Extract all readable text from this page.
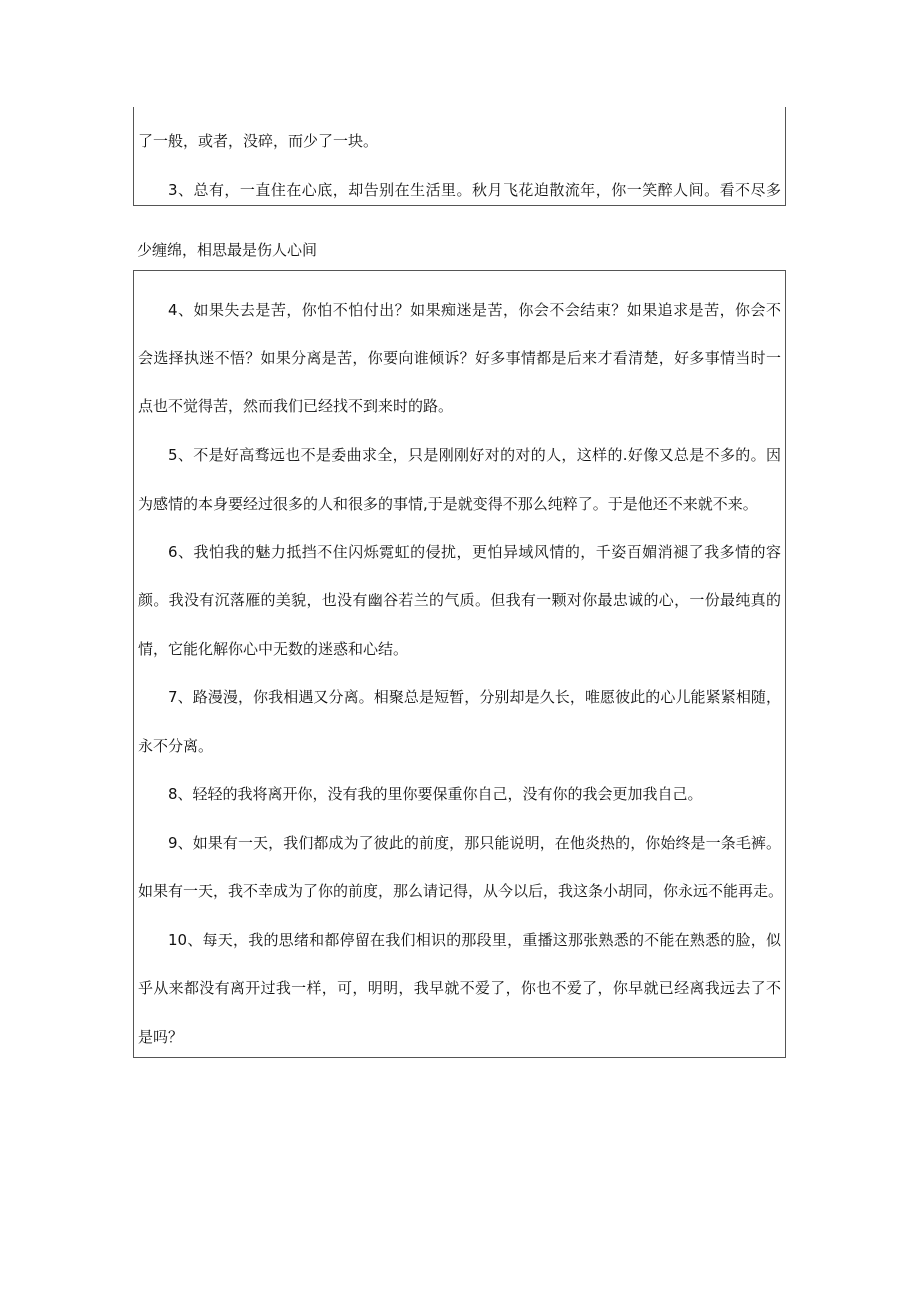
了一般，或者，没碎，而少了一块。
3、总有，一直住在心底，却告别在生活里。秋月飞花迫散流年，你一笑醉人间。看不尽多
少缠绵，相思最是伤人心间
4、如果失去是苦，你怕不怕付出？如果痴迷是苦，你会不会结束？如果追求是苦，你会不
会选择执迷不悟？如果分离是苦，你要向谁倾诉？好多事情都是后来才看清楚，好多事情当时一
点也不觉得苦，然而我们已经找不到来时的路。
5、不是好高骛远也不是委曲求全，只是刚刚好对的对的人，这样的.好像又总是不多的。因
为感情的本身要经过很多的人和很多的事情,于是就变得不那么纯粹了。于是他还不来就不来。
6、我怕我的魅力抵挡不住闪烁霓虹的侵扰，更怕异域风情的，千姿百媚消褪了我多情的容
颜。我没有沉落雁的美貌，也没有幽谷若兰的气质。但我有一颗对你最忠诚的心，一份最纯真的
情，它能化解你心中无数的迷惑和心结。
7、路漫漫，你我相遇又分离。相聚总是短暂，分别却是久长，唯愿彼此的心儿能紧紧相随，
永不分离。
8、轻轻的我将离开你，没有我的里你要保重你自己，没有你的我会更加我自己。
9、如果有一天，我们都成为了彼此的前度，那只能说明，在他炎热的，你始终是一条毛裤。
如果有一天，我不幸成为了你的前度，那么请记得，从今以后，我这条小胡同，你永远不能再走。
10、每天，我的思绪和都停留在我们相识的那段里，重播这那张熟悉的不能在熟悉的脸，似
乎从来都没有离开过我一样，可，明明，我早就不爱了，你也不爱了，你早就已经离我远去了不
是吗？
